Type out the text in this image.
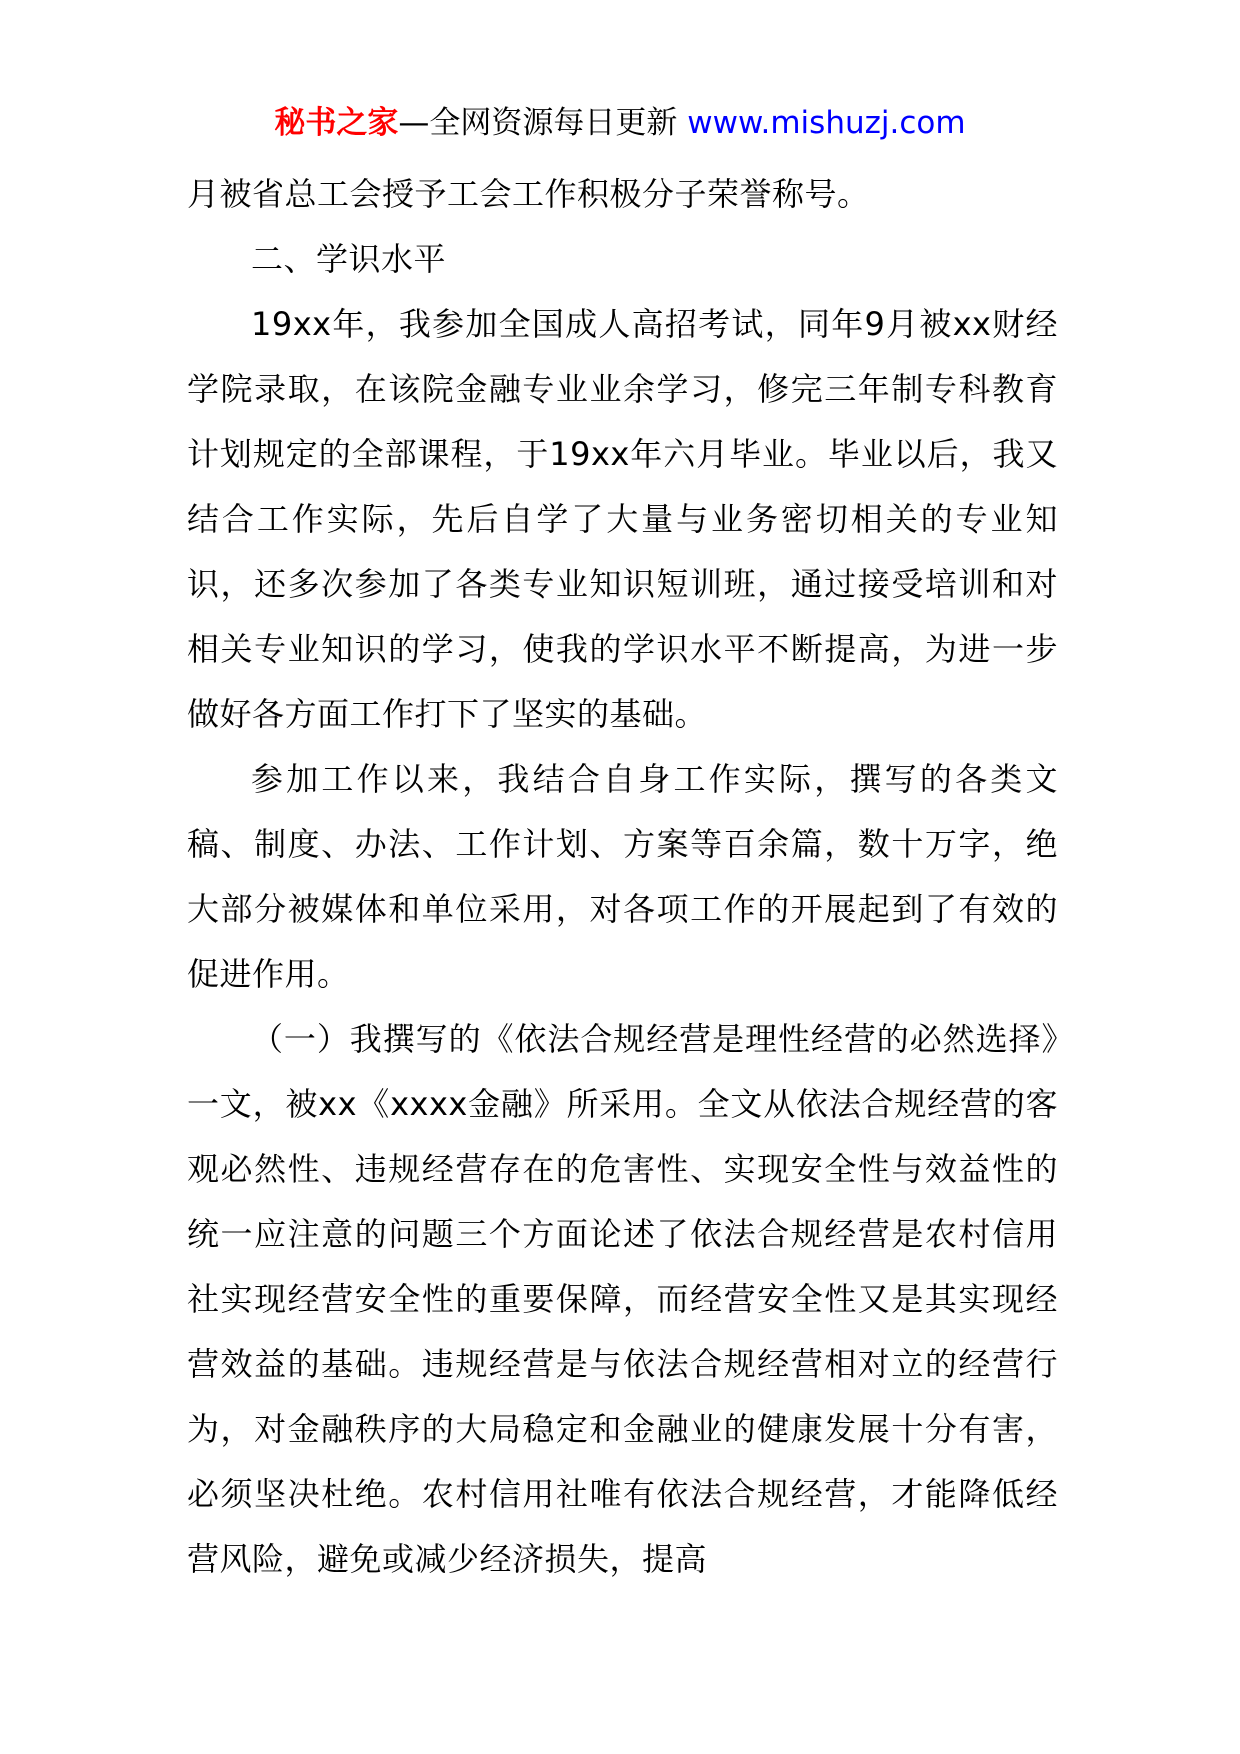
秘书之家—全网资源每日更新 www.mishuzj.com

月被省总工会授予工会工作积极分子荣誉称号。

二、学识水平

19xx年，我参加全国成人高招考试，同年9月被xx财经学院录取，在该院金融专业业余学习，修完三年制专科教育计划规定的全部课程，于19xx年六月毕业。毕业以后，我又结合工作实际，先后自学了大量与业务密切相关的专业知识，还多次参加了各类专业知识短训班，通过接受培训和对相关专业知识的学习，使我的学识水平不断提高，为进一步做好各方面工作打下了坚实的基础。

参加工作以来，我结合自身工作实际，撰写的各类文稿、制度、办法、工作计划、方案等百余篇，数十万字，绝大部分被媒体和单位采用，对各项工作的开展起到了有效的促进作用。

（一）我撰写的《依法合规经营是理性经营的必然选择》一文，被xx《xxxx金融》所采用。全文从依法合规经营的客观必然性、违规经营存在的危害性、实现安全性与效益性的统一应注意的问题三个方面论述了依法合规经营是农村信用社实现经营安全性的重要保障，而经营安全性又是其实现经营效益的基础。违规经营是与依法合规经营相对立的经营行为，对金融秩序的大局稳定和金融业的健康发展十分有害，必须坚决杜绝。农村信用社唯有依法合规经营，才能降低经营风险，避免或减少经济损失，提高
